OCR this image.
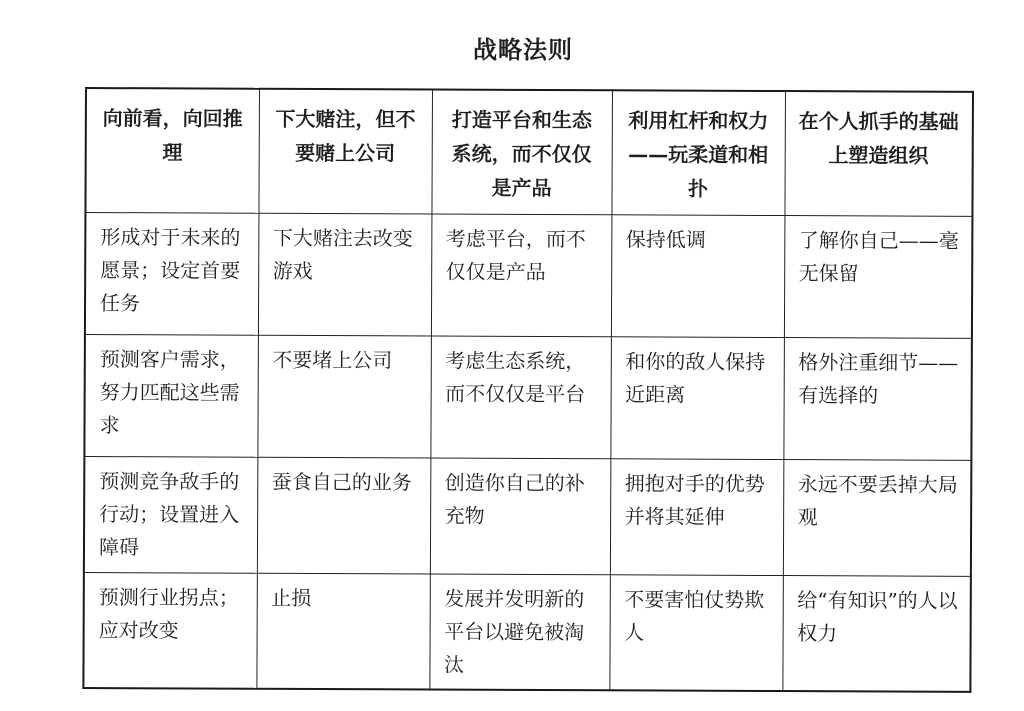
战略法则
向前看，向回推理	下大赌注，但不要赌上公司	打造平台和生态系统，而不仅仅是产品	利用杠杆和权力——玩柔道和相扑	在个人抓手的基础上塑造组织
形成对于未来的愿景；设定首要任务	下大赌注去改变游戏	考虑平台，而不仅仅是产品	保持低调	了解你自己——毫无保留
预测客户需求，努力匹配这些需求	不要堵上公司	考虑生态系统，而不仅仅是平台	和你的敌人保持近距离	格外注重细节——有选择的
预测竞争敌手的行动；设置进入障碍	蚕食自己的业务	创造你自己的补充物	拥抱对手的优势并将其延伸	永远不要丢掉大局观
预测行业拐点；应对改变	止损	发展并发明新的平台以避免被淘汰	不要害怕仗势欺人	给“有知识”的人以权力
